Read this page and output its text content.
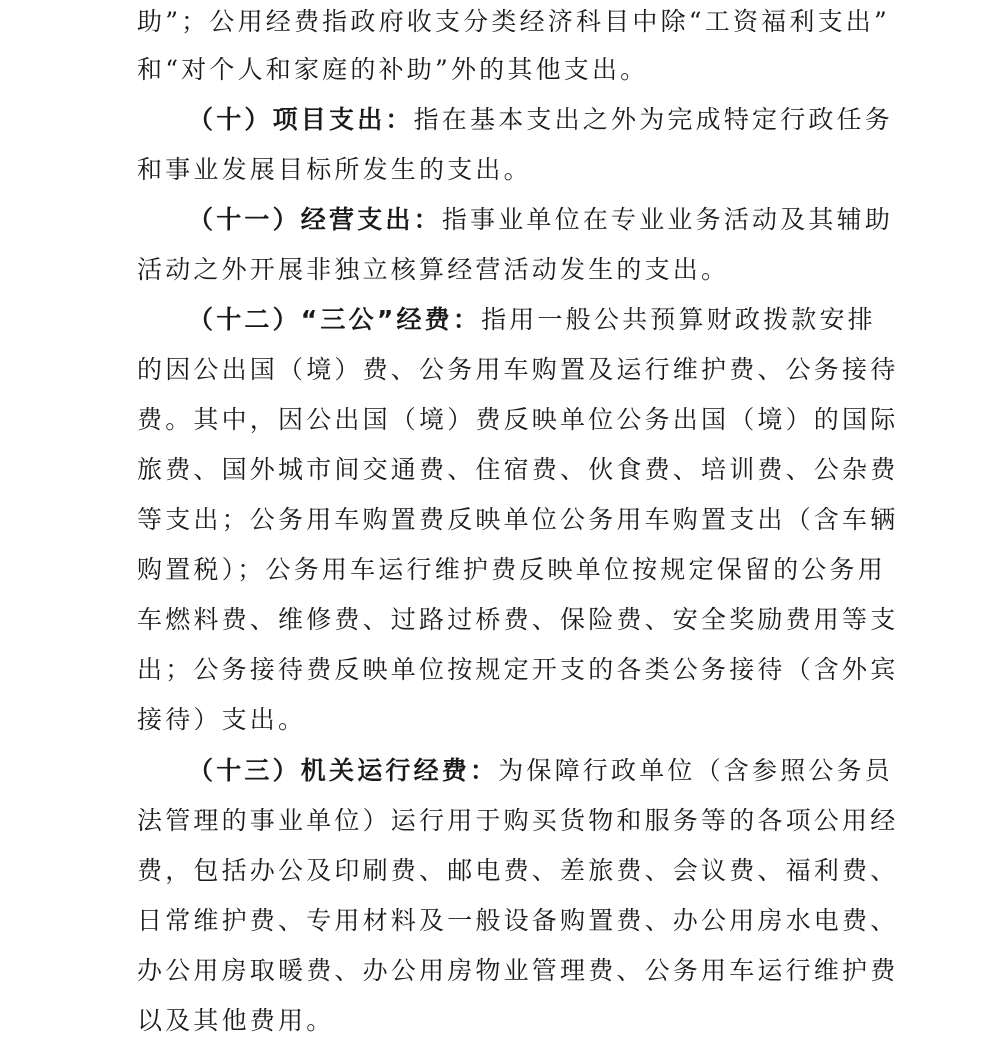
助”；公用经费指政府收支分类经济科目中除“工资福利支出”
和“对个人和家庭的补助”外的其他支出。
（十）项目支出：指在基本支出之外为完成特定行政任务
和事业发展目标所发生的支出。
（十一）经营支出：指事业单位在专业业务活动及其辅助
活动之外开展非独立核算经营活动发生的支出。
（十二）“三公”经费：指用一般公共预算财政拨款安排
的因公出国（境）费、公务用车购置及运行维护费、公务接待
费。其中，因公出国（境）费反映单位公务出国（境）的国际
旅费、国外城市间交通费、住宿费、伙食费、培训费、公杂费
等支出；公务用车购置费反映单位公务用车购置支出（含车辆
购置税）；公务用车运行维护费反映单位按规定保留的公务用
车燃料费、维修费、过路过桥费、保险费、安全奖励费用等支
出；公务接待费反映单位按规定开支的各类公务接待（含外宾
接待）支出。
（十三）机关运行经费：为保障行政单位（含参照公务员
法管理的事业单位）运行用于购买货物和服务等的各项公用经
费，包括办公及印刷费、邮电费、差旅费、会议费、福利费、
日常维护费、专用材料及一般设备购置费、办公用房水电费、
办公用房取暖费、办公用房物业管理费、公务用车运行维护费
以及其他费用。
